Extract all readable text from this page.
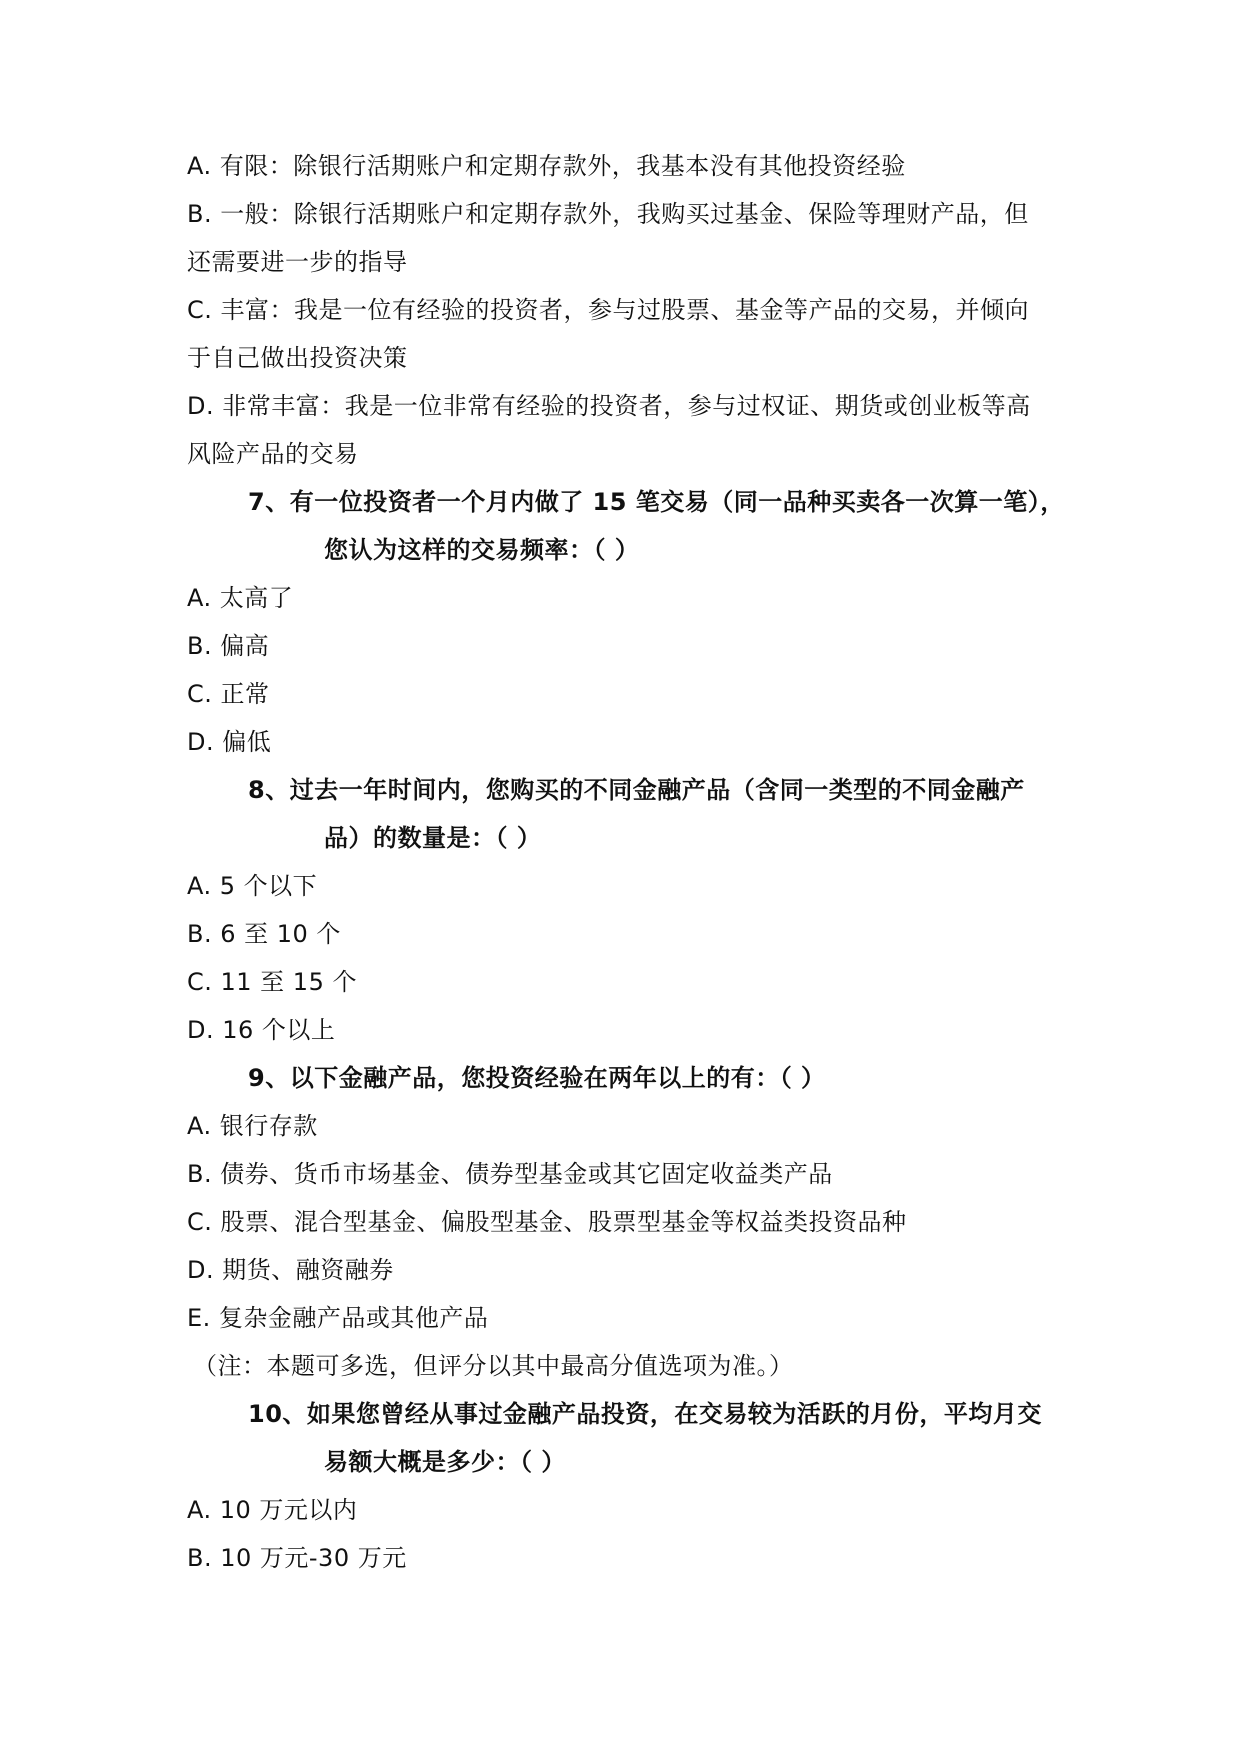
A. 有限：除银行活期账户和定期存款外，我基本没有其他投资经验
B. 一般：除银行活期账户和定期存款外，我购买过基金、保险等理财产品，但
还需要进一步的指导
C. 丰富：我是一位有经验的投资者，参与过股票、基金等产品的交易，并倾向
于自己做出投资决策
D. 非常丰富：我是一位非常有经验的投资者，参与过权证、期货或创业板等高
风险产品的交易
7、有一位投资者一个月内做了 15 笔交易（同一品种买卖各一次算一笔），
您认为这样的交易频率：（ ）
A. 太高了
B. 偏高
C. 正常
D. 偏低
8、过去一年时间内，您购买的不同金融产品（含同一类型的不同金融产
品）的数量是：（ ）
A. 5 个以下
B. 6 至 10 个
C. 11 至 15 个
D. 16 个以上
9、以下金融产品，您投资经验在两年以上的有：（ ）
A. 银行存款
B. 债券、货币市场基金、债券型基金或其它固定收益类产品
C. 股票、混合型基金、偏股型基金、股票型基金等权益类投资品种
D. 期货、融资融券
E. 复杂金融产品或其他产品
（注：本题可多选，但评分以其中最高分值选项为准。）
10、如果您曾经从事过金融产品投资，在交易较为活跃的月份，平均月交
易额大概是多少：（ ）
A. 10 万元以内
B. 10 万元-30 万元
